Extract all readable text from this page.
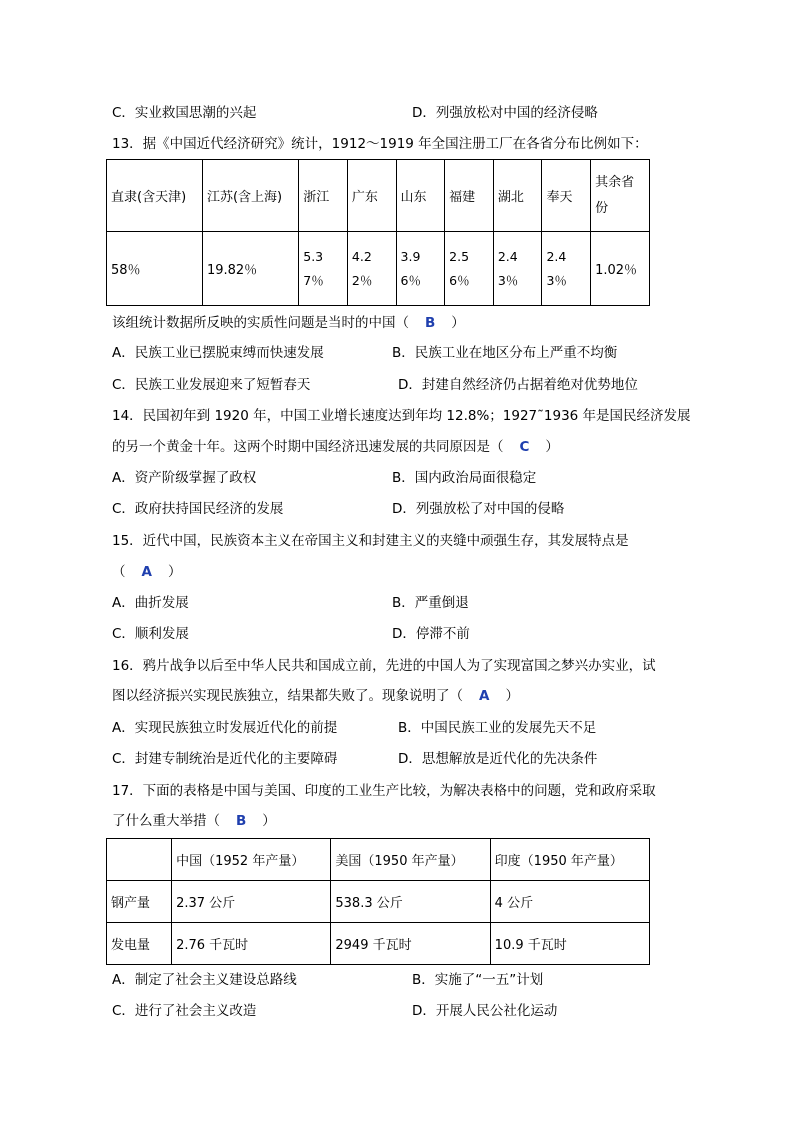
C．实业救国思潮的兴起	D．列强放松对中国的经济侵略
13．据《中国近代经济研究》统计，1912～1919 年全国注册工厂在各省分布比例如下：
直隶(含天津)	江苏(含上海)	浙江	广东	山东	福建	湖北	奉天	其余省份
58％	19.82％	5.37％	4.22％	3.96％	2.56％	2.43％	2.43％	1.02％
该组统计数据所反映的实质性问题是当时的中国（ B ）
A．民族工业已摆脱束缚而快速发展	B．民族工业在地区分布上严重不均衡
C．民族工业发展迎来了短暂春天	D．封建自然经济仍占据着绝对优势地位
14．民国初年到 1920 年，中国工业增长速度达到年均 12.8%；1927˜1936 年是国民经济发展
的另一个黄金十年。这两个时期中国经济迅速发展的共同原因是（ C ）
A．资产阶级掌握了政权	B．国内政治局面很稳定
C．政府扶持国民经济的发展	D．列强放松了对中国的侵略
15．近代中国，民族资本主义在帝国主义和封建主义的夹缝中顽强生存，其发展特点是
（ A ）
A．曲折发展	B．严重倒退
C．顺利发展	D．停滞不前
16．鸦片战争以后至中华人民共和国成立前，先进的中国人为了实现富国之梦兴办实业，试
图以经济振兴实现民族独立，结果都失败了。现象说明了（ A ）
A．实现民族独立时发展近代化的前提	B．中国民族工业的发展先天不足
C．封建专制统治是近代化的主要障碍	D．思想解放是近代化的先决条件
17．下面的表格是中国与美国、印度的工业生产比较，为解决表格中的问题，党和政府采取
了什么重大举措（ B ）
	中国（1952 年产量）	美国（1950 年产量）	印度（1950 年产量）
钢产量	2.37 公斤	538.3 公斤	4 公斤
发电量	2.76 千瓦时	2949 千瓦时	10.9 千瓦时
A．制定了社会主义建设总路线	B．实施了“一五”计划
C．进行了社会主义改造	D．开展人民公社化运动
